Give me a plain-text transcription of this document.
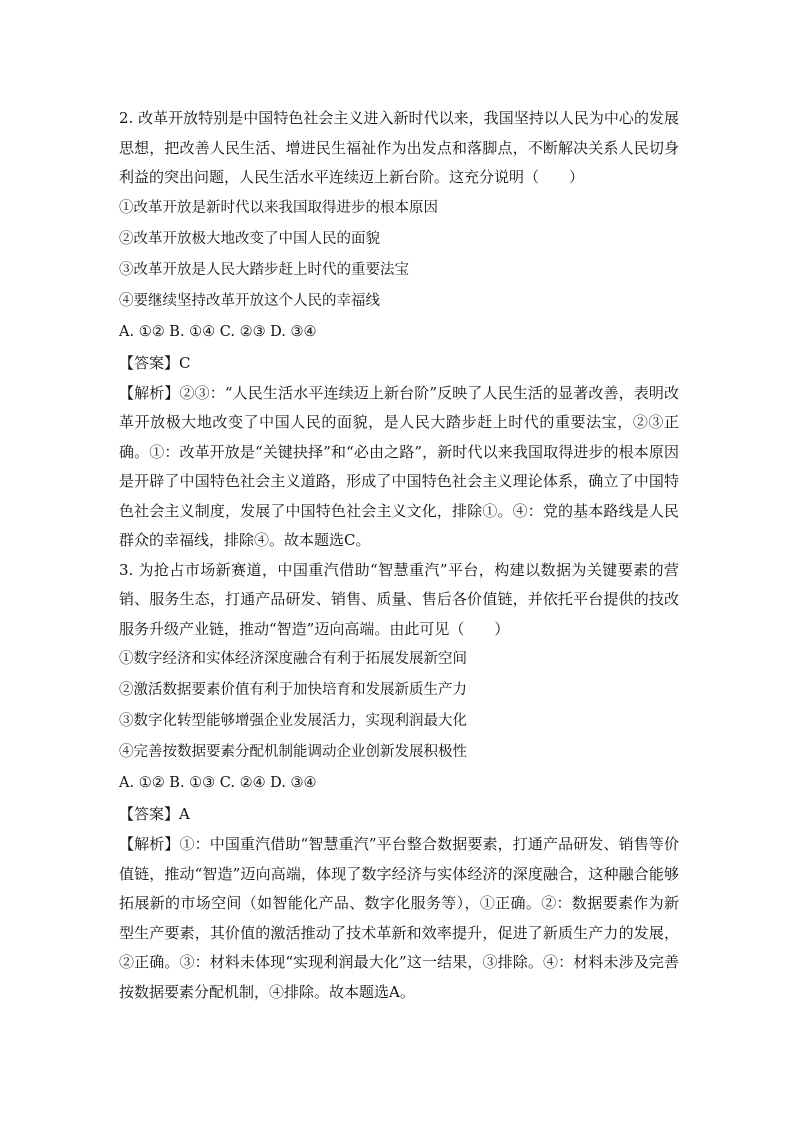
2. 改革开放特别是中国特色社会主义进入新时代以来，我国坚持以人民为中心的发展思想，把改善人民生活、增进民生福祉作为出发点和落脚点，不断解决关系人民切身利益的突出问题，人民生活水平连续迈上新台阶。这充分说明（　　）

①改革开放是新时代以来我国取得进步的根本原因

②改革开放极大地改变了中国人民的面貌

③改革开放是人民大踏步赶上时代的重要法宝

④要继续坚持改革开放这个人民的幸福线

A. ①② B. ①④ C. ②③ D. ③④

【答案】C

【解析】②③：“人民生活水平连续迈上新台阶”反映了人民生活的显著改善，表明改革开放极大地改变了中国人民的面貌，是人民大踏步赶上时代的重要法宝，②③正确。①：改革开放是“关键抉择”和“必由之路”，新时代以来我国取得进步的根本原因是开辟了中国特色社会主义道路，形成了中国特色社会主义理论体系，确立了中国特色社会主义制度，发展了中国特色社会主义文化，排除①。④：党的基本路线是人民群众的幸福线，排除④。故本题选C。

3. 为抢占市场新赛道，中国重汽借助“智慧重汽”平台，构建以数据为关键要素的营销、服务生态，打通产品研发、销售、质量、售后各价值链，并依托平台提供的技改服务升级产业链，推动“智造”迈向高端。由此可见（　　）

①数字经济和实体经济深度融合有利于拓展发展新空间

②激活数据要素价值有利于加快培育和发展新质生产力

③数字化转型能够增强企业发展活力，实现利润最大化

④完善按数据要素分配机制能调动企业创新发展积极性

A. ①② B. ①③ C. ②④ D. ③④

【答案】A

【解析】①：中国重汽借助“智慧重汽”平台整合数据要素，打通产品研发、销售等价值链，推动“智造”迈向高端，体现了数字经济与实体经济的深度融合，这种融合能够拓展新的市场空间（如智能化产品、数字化服务等），①正确。②：数据要素作为新型生产要素，其价值的激活推动了技术革新和效率提升，促进了新质生产力的发展，②正确。③：材料未体现“实现利润最大化”这一结果，③排除。④：材料未涉及完善按数据要素分配机制，④排除。故本题选A。
